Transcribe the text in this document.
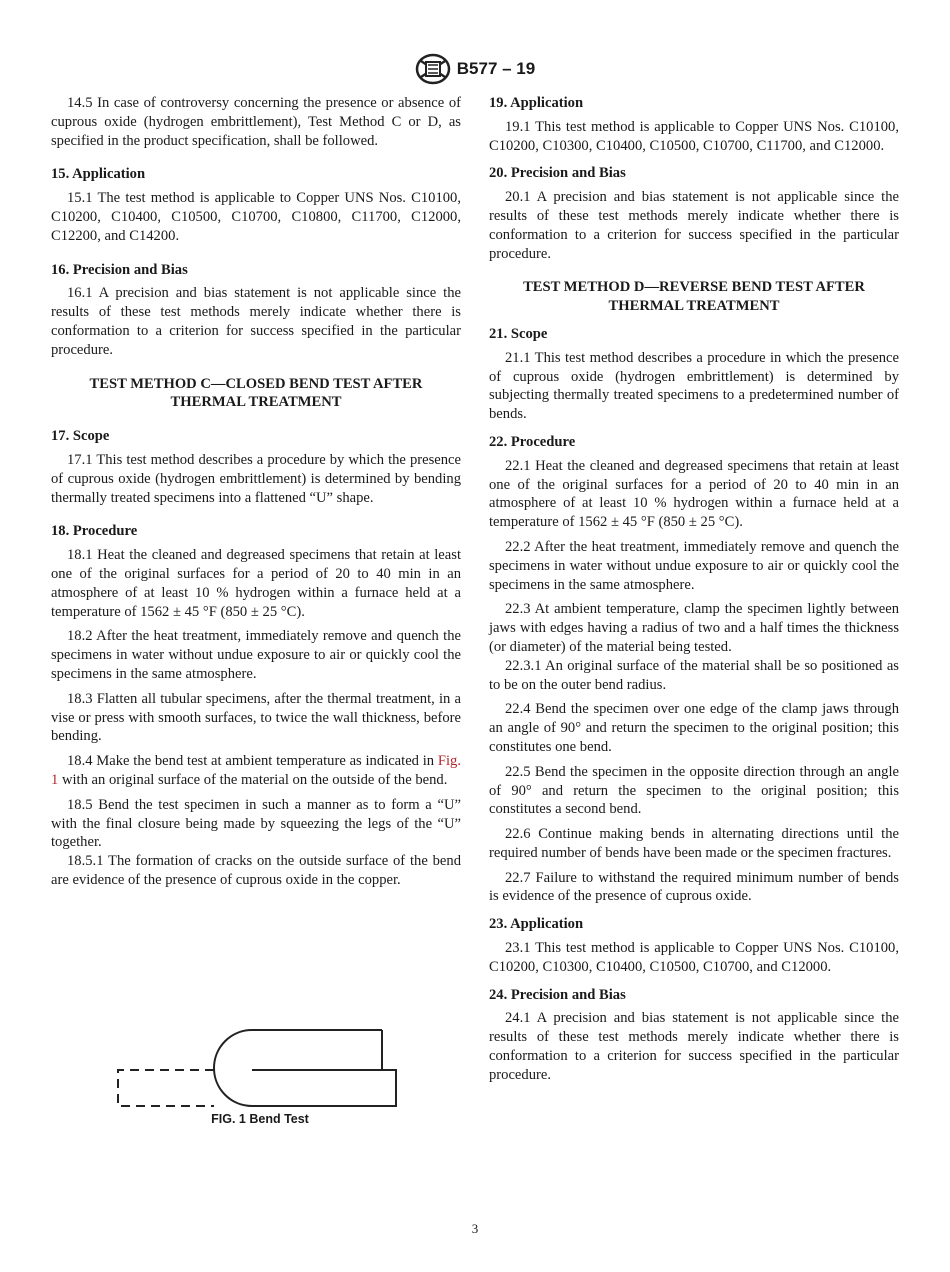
B577 – 19

14.5 In case of controversy concerning the presence or absence of cuprous oxide (hydrogen embrittlement), Test Method C or D, as specified in the product specification, shall be followed.

15. Application

15.1 The test method is applicable to Copper UNS Nos. C10100, C10200, C10400, C10500, C10700, C10800, C11700, C12000, C12200, and C14200.

16. Precision and Bias

16.1 A precision and bias statement is not applicable since the results of these test methods merely indicate whether there is conformation to a criterion for success specified in the particular procedure.

TEST METHOD C—CLOSED BEND TEST AFTER THERMAL TREATMENT
17. Scope

17.1 This test method describes a procedure by which the presence of cuprous oxide (hydrogen embrittlement) is determined by bending thermally treated specimens into a flattened “U” shape.

18. Procedure

18.1 Heat the cleaned and degreased specimens that retain at least one of the original surfaces for a period of 20 to 40 min in an atmosphere of at least 10 % hydrogen within a furnace held at a temperature of 1562 ± 45 °F (850 ± 25 °C).

18.2 After the heat treatment, immediately remove and quench the specimens in water without undue exposure to air or quickly cool the specimens in the same atmosphere.

18.3 Flatten all tubular specimens, after the thermal treatment, in a vise or press with smooth surfaces, to twice the wall thickness, before bending.

18.4 Make the bend test at ambient temperature as indicated in Fig. 1 with an original surface of the material on the outside of the bend.

18.5 Bend the test specimen in such a manner as to form a “U” with the final closure being made by squeezing the legs of the “U” together.

18.5.1 The formation of cracks on the outside surface of the bend are evidence of the presence of cuprous oxide in the copper.

FIG. 1 Bend Test
19. Application

19.1 This test method is applicable to Copper UNS Nos. C10100, C10200, C10300, C10400, C10500, C10700, C11700, and C12000.

20. Precision and Bias

20.1 A precision and bias statement is not applicable since the results of these test methods merely indicate whether there is conformation to a criterion for success specified in the particular procedure.

TEST METHOD D—REVERSE BEND TEST AFTER THERMAL TREATMENT
21. Scope

21.1 This test method describes a procedure in which the presence of cuprous oxide (hydrogen embrittlement) is determined by subjecting thermally treated specimens to a predetermined number of bends.

22. Procedure

22.1 Heat the cleaned and degreased specimens that retain at least one of the original surfaces for a period of 20 to 40 min in an atmosphere of at least 10 % hydrogen within a furnace held at a temperature of 1562 ± 45 °F (850 ± 25 °C).

22.2 After the heat treatment, immediately remove and quench the specimens in water without undue exposure to air or quickly cool the specimens in the same atmosphere.

22.3 At ambient temperature, clamp the specimen lightly between jaws with edges having a radius of two and a half times the thickness (or diameter) of the material being tested.

22.3.1 An original surface of the material shall be so positioned as to be on the outer bend radius.

22.4 Bend the specimen over one edge of the clamp jaws through an angle of 90° and return the specimen to the original position; this constitutes one bend.

22.5 Bend the specimen in the opposite direction through an angle of 90° and return the specimen to the original position; this constitutes a second bend.

22.6 Continue making bends in alternating directions until the required number of bends have been made or the specimen fractures.

22.7 Failure to withstand the required minimum number of bends is evidence of the presence of cuprous oxide.

23. Application

23.1 This test method is applicable to Copper UNS Nos. C10100, C10200, C10300, C10400, C10500, C10700, and C12000.

24. Precision and Bias

24.1 A precision and bias statement is not applicable since the results of these test methods merely indicate whether there is conformation to a criterion for success specified in the particular procedure.

3
